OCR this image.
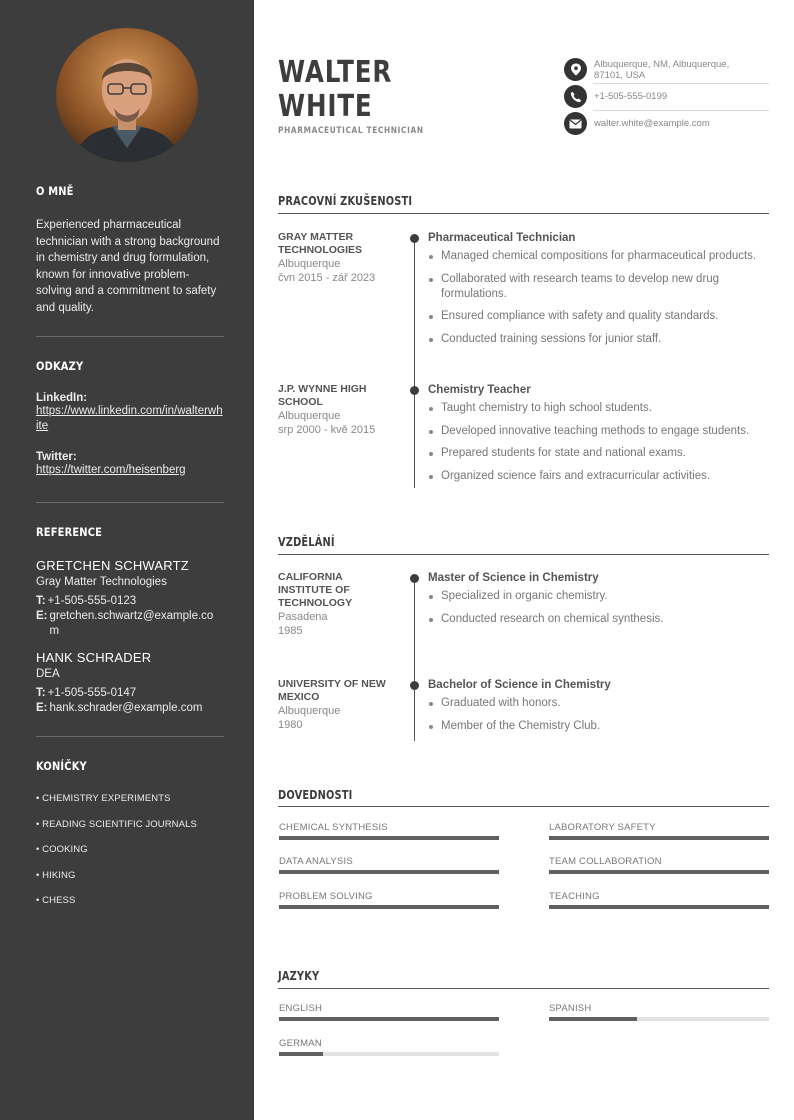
O MNĚ
Experienced pharmaceutical technician with a strong background in chemistry and drug formulation, known for innovative problem-solving and a commitment to safety and quality.
ODKAZY
LinkedIn:
https://www.linkedin.com/in/walterwhite
Twitter:
https://twitter.com/heisenberg
REFERENCE
GRETCHEN SCHWARTZ
Gray Matter Technologies
T: +1-505-555-0123
E: gretchen.schwartz@example.com
HANK SCHRADER
DEA
T: +1-505-555-0147
E: hank.schrader@example.com
KONÍČKY
• CHEMISTRY EXPERIMENTS
• READING SCIENTIFIC JOURNALS
• COOKING
• HIKING
• CHESS
WALTER
WHITE
PHARMACEUTICAL TECHNICIAN
Albuquerque, NM, Albuquerque, 87101, USA
+1-505-555-0199
walter.white@example.com
PRACOVNÍ ZKUŠENOSTI
GRAY MATTER TECHNOLOGIES
Albuquerque
čvn 2015 - zář 2023
Pharmaceutical Technician
Managed chemical compositions for pharmaceutical products.
Collaborated with research teams to develop new drug formulations.
Ensured compliance with safety and quality standards.
Conducted training sessions for junior staff.
J.P. WYNNE HIGH SCHOOL
Albuquerque
srp 2000 - kvě 2015
Chemistry Teacher
Taught chemistry to high school students.
Developed innovative teaching methods to engage students.
Prepared students for state and national exams.
Organized science fairs and extracurricular activities.
VZDĚLÁNÍ
CALIFORNIA INSTITUTE OF TECHNOLOGY
Pasadena
1985
Master of Science in Chemistry
Specialized in organic chemistry.
Conducted research on chemical synthesis.
UNIVERSITY OF NEW MEXICO
Albuquerque
1980
Bachelor of Science in Chemistry
Graduated with honors.
Member of the Chemistry Club.
DOVEDNOSTI
CHEMICAL SYNTHESIS	LABORATORY SAFETY
DATA ANALYSIS	TEAM COLLABORATION
PROBLEM SOLVING	TEACHING
JAZYKY
ENGLISH	SPANISH
GERMAN
